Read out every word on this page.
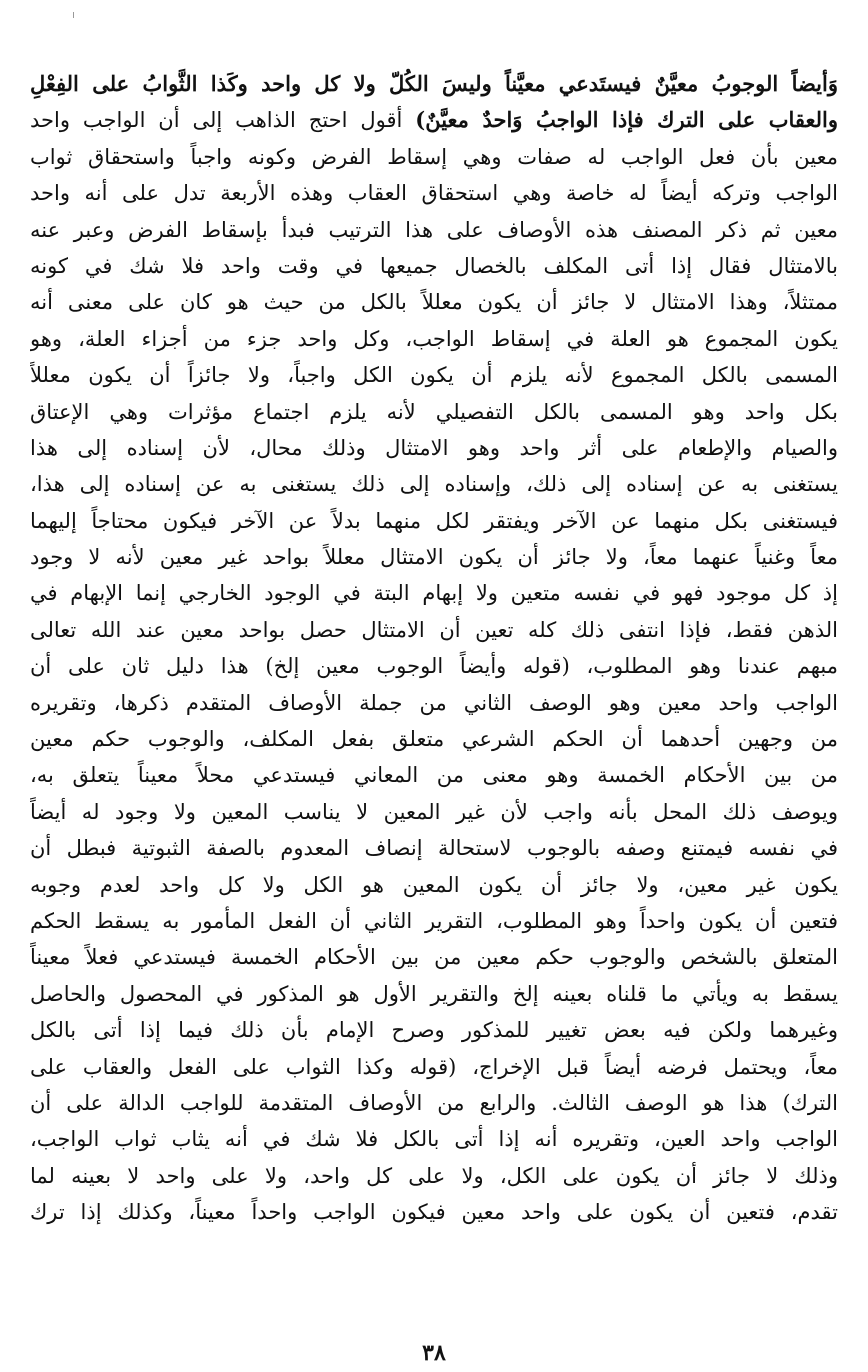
وَأيضاً الوجوبُ معيَّنٌ فيستَدعي معيَّناً وليسَ الكُلّ ولا كل واحد وكَذا الثَّوابُ على الفِعْلِ
والعقاب على الترك فإذا الواجبُ وَاحدٌ معيَّنٌ) أقول احتج الذاهب إلى أن الواجب واحد
معين بأن فعل الواجب له صفات وهي إسقاط الفرض وكونه واجباً واستحقاق ثواب
الواجب وتركه أيضاً له خاصة وهي استحقاق العقاب وهذه الأربعة تدل على أنه واحد
معين ثم ذكر المصنف هذه الأوصاف على هذا الترتيب فبدأ بإسقاط الفرض وعبر عنه
بالامتثال فقال إذا أتى المكلف بالخصال جميعها في وقت واحد فلا شك في كونه
ممتثلاً، وهذا الامتثال لا جائز أن يكون معللاً بالكل من حيث هو كان على معنى أنه
يكون المجموع هو العلة في إسقاط الواجب، وكل واحد جزء من أجزاء العلة، وهو
المسمى بالكل المجموع لأنه يلزم أن يكون الكل واجباً، ولا جائزاً أن يكون معللاً
بكل واحد وهو المسمى بالكل التفصيلي لأنه يلزم اجتماع مؤثرات وهي الإعتاق
والصيام والإطعام على أثر واحد وهو الامتثال وذلك محال، لأن إسناده إلى هذا
يستغنى به عن إسناده إلى ذلك، وإسناده إلى ذلك يستغنى به عن إسناده إلى هذا،
فيستغنى بكل منهما عن الآخر ويفتقر لكل منهما بدلاً عن الآخر فيكون محتاجاً إليهما
معاً وغنياً عنهما معاً، ولا جائز أن يكون الامتثال معللاً بواحد غير معين لأنه لا وجود
إذ كل موجود فهو في نفسه متعين ولا إبهام البتة في الوجود الخارجي إنما الإبهام في
الذهن فقط، فإذا انتفى ذلك كله تعين أن الامتثال حصل بواحد معين عند الله تعالى
مبهم عندنا وهو المطلوب، (قوله وأيضاً الوجوب معين إلخ) هذا دليل ثان على أن
الواجب واحد معين وهو الوصف الثاني من جملة الأوصاف المتقدم ذكرها، وتقريره
من وجهين أحدهما أن الحكم الشرعي متعلق بفعل المكلف، والوجوب حكم معين
من بين الأحكام الخمسة وهو معنى من المعاني فيستدعي محلاً معيناً يتعلق به،
ويوصف ذلك المحل بأنه واجب لأن غير المعين لا يناسب المعين ولا وجود له أيضاً
في نفسه فيمتنع وصفه بالوجوب لاستحالة إنصاف المعدوم بالصفة الثبوتية فبطل أن
يكون غير معين، ولا جائز أن يكون المعين هو الكل ولا كل واحد لعدم وجوبه
فتعين أن يكون واحداً وهو المطلوب، التقرير الثاني أن الفعل المأمور به يسقط الحكم
المتعلق بالشخص والوجوب حكم معين من بين الأحكام الخمسة فيستدعي فعلاً معيناً
يسقط به ويأتي ما قلناه بعينه إلخ والتقرير الأول هو المذكور في المحصول والحاصل
وغيرهما ولكن فيه بعض تغيير للمذكور وصرح الإمام بأن ذلك فيما إذا أتى بالكل
معاً، ويحتمل فرضه أيضاً قبل الإخراج، (قوله وكذا الثواب على الفعل والعقاب على
الترك) هذا هو الوصف الثالث. والرابع من الأوصاف المتقدمة للواجب الدالة على أن
الواجب واحد العين، وتقريره أنه إذا أتى بالكل فلا شك في أنه يثاب ثواب الواجب،
وذلك لا جائز أن يكون على الكل، ولا على كل واحد، ولا على واحد لا بعينه لما
تقدم، فتعين أن يكون على واحد معين فيكون الواجب واحداً معيناً، وكذلك إذا ترك
٣٨
